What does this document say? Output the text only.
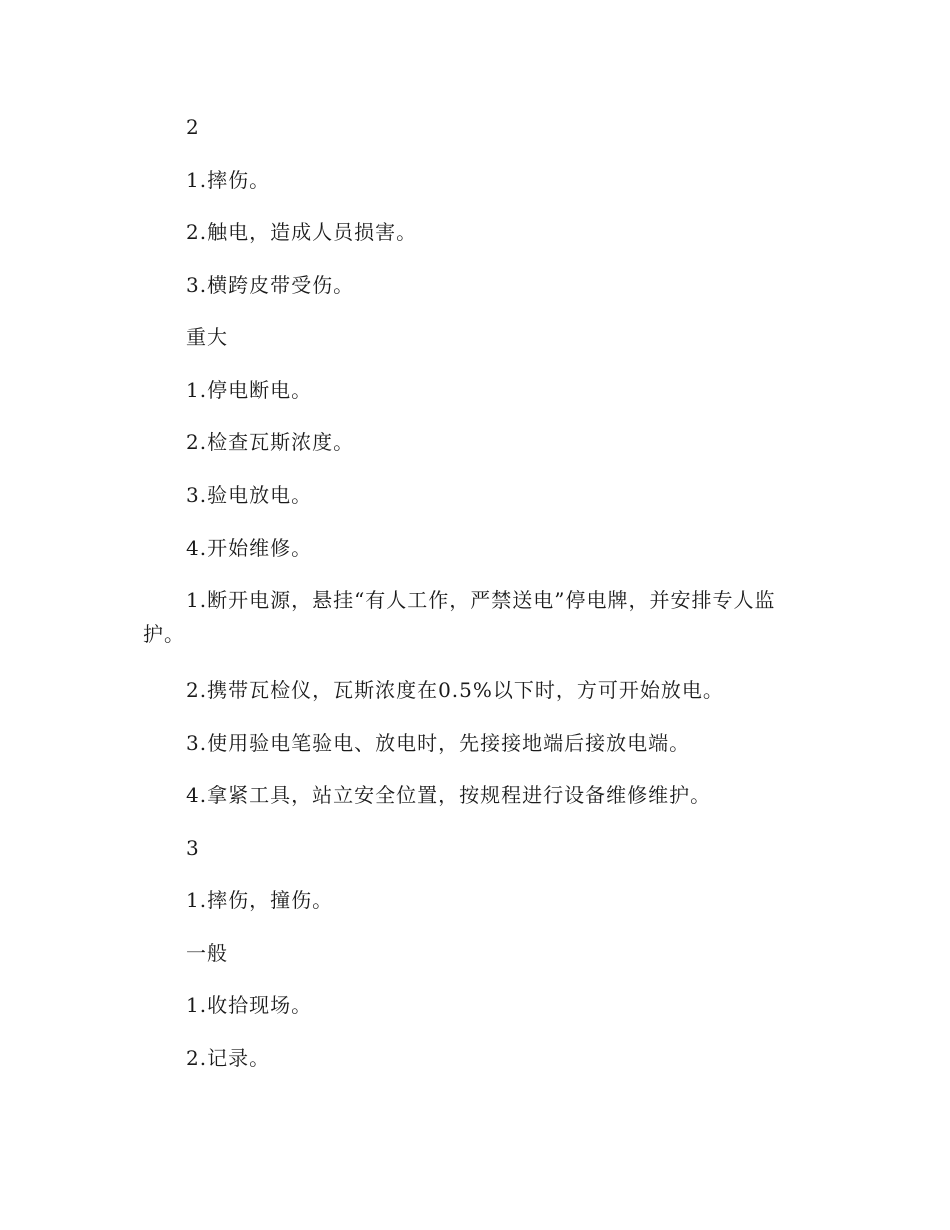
2

1.摔伤。

2.触电，造成人员损害。

3.横跨皮带受伤。

重大

1.停电断电。

2.检查瓦斯浓度。

3.验电放电。

4.开始维修。

1.断开电源，悬挂“有人工作，严禁送电”停电牌，并安排专人监护。

2.携带瓦检仪，瓦斯浓度在0.5%以下时，方可开始放电。

3.使用验电笔验电、放电时，先接接地端后接放电端。

4.拿紧工具，站立安全位置，按规程进行设备维修维护。

3

1.摔伤，撞伤。

一般

1.收拾现场。

2.记录。
